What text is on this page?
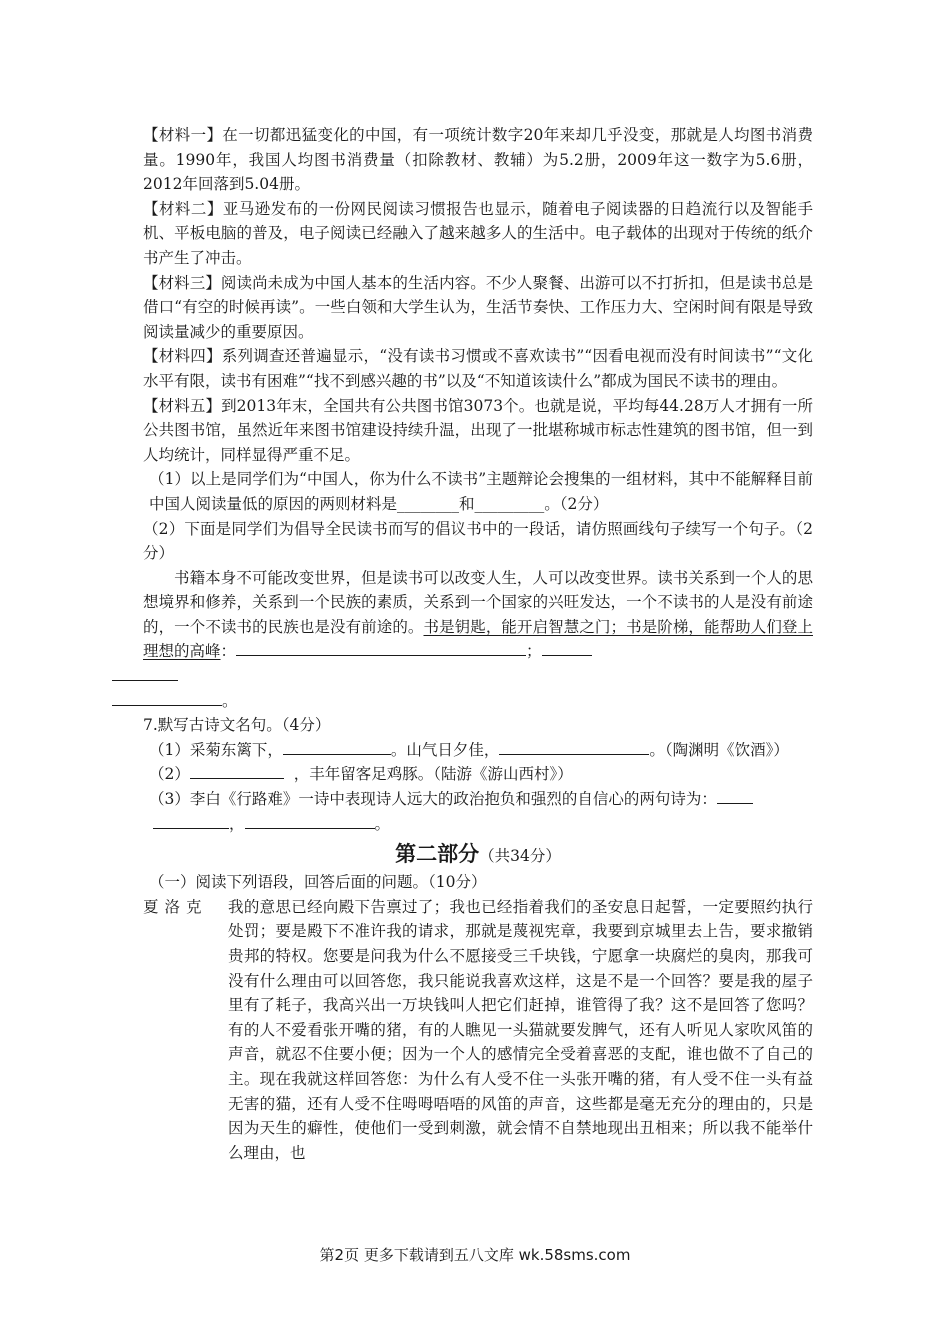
【材料一】在一切都迅猛变化的中国，有一项统计数字20年来却几乎没变，那就是人均图书消费量。1990年，我国人均图书消费量（扣除教材、教辅）为5.2册，2009年这一数字为5.6册，2012年回落到5.04册。

【材料二】亚马逊发布的一份网民阅读习惯报告也显示，随着电子阅读器的日趋流行以及智能手机、平板电脑的普及，电子阅读已经融入了越来越多人的生活中。电子载体的出现对于传统的纸介书产生了冲击。

【材料三】阅读尚未成为中国人基本的生活内容。不少人聚餐、出游可以不打折扣，但是读书总是借口“有空的时候再读”。一些白领和大学生认为，生活节奏快、工作压力大、空闲时间有限是导致阅读量减少的重要原因。

【材料四】系列调查还普遍显示，“没有读书习惯或不喜欢读书”“因看电视而没有时间读书”“文化水平有限，读书有困难”“找不到感兴趣的书”以及“不知道该读什么”都成为国民不读书的理由。

【材料五】到2013年末，全国共有公共图书馆3073个。也就是说，平均每44.28万人才拥有一所公共图书馆，虽然近年来图书馆建设持续升温，出现了一批堪称城市标志性建筑的图书馆，但一到人均统计，同样显得严重不足。

（1）以上是同学们为“中国人，你为什么不读书”主题辩论会搜集的一组材料，其中不能解释目前中国人阅读量低的原因的两则材料是________和_________。（2分）

（2）下面是同学们为倡导全民读书而写的倡议书中的一段话，请仿照画线句子续写一个句子。（2分）

书籍本身不可能改变世界，但是读书可以改变人生，人可以改变世界。读书关系到一个人的思想境界和修养，关系到一个民族的素质，关系到一个国家的兴旺发达，一个不读书的人是没有前途的，一个不读书的民族也是没有前途的。书是钥匙，能开启智慧之门；书是阶梯，能帮助人们登上理想的高峰：	；

。

7.默写古诗文名句。（4分）

（1）采菊东篱下，	。山气日夕佳，	。（陶渊明《饮酒》）

（2）	，丰年留客足鸡豚。（陆游《游山西村》）

（3）李白《行路难》一诗中表现诗人远大的政治抱负和强烈的自信心的两句诗为：
，	。

第二部分（共34分）

（一）阅读下列语段，回答后面的问题。（10分）

夏洛克 我的意思已经向殿下告禀过了；我也已经指着我们的圣安息日起誓，一定要照约执行处罚；要是殿下不准许我的请求，那就是蔑视宪章，我要到京城里去上告，要求撤销贵邦的特权。您要是问我为什么不愿接受三千块钱，宁愿拿一块腐烂的臭肉，那我可没有什么理由可以回答您，我只能说我喜欢这样，这是不是一个回答？要是我的屋子里有了耗子，我高兴出一万块钱叫人把它们赶掉，谁管得了我？这不是回答了您吗？有的人不爱看张开嘴的猪，有的人瞧见一头猫就要发脾气，还有人听见人家吹风笛的声音，就忍不住要小便；因为一个人的感情完全受着喜恶的支配，谁也做不了自己的主。现在我就这样回答您：为什么有人受不住一头张开嘴的猪，有人受不住一头有益无害的猫，还有人受不住呣呣唔唔的风笛的声音，这些都是毫无充分的理由的，只是因为天生的癖性，使他们一受到刺激，就会情不自禁地现出丑相来；所以我不能举什么理由，也

第2页 更多下载请到五八文库 wk.58sms.com
